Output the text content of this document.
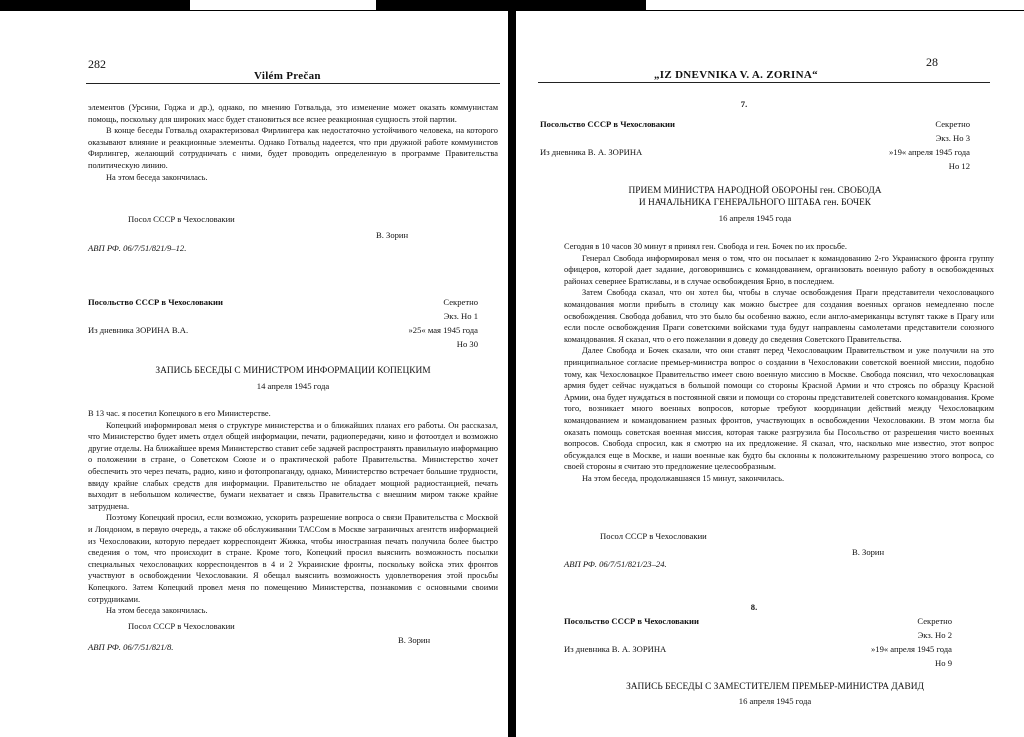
282
Vilém Prečan

элементов (Урсини, Годжа и др.), однако, по мнению Готвальда, это изменение может оказать коммунистам помощь, поскольку для широких масс будет становиться все яснее реакционная сущность этой партии.

В конце беседы Готвальд охарактеризовал Фирлингера как недостаточно устойчивого человека, на которого оказывают влияние и реакционные элементы. Однако Готвальд надеется, что при дружной работе коммунистов Фирлингер, желающий сотрудничать с ними, будет проводить определенную в программе Правительства политическую линию.

На этом беседа закончилась.

Посол СССР в Чехословакии
В. Зорин
АВП РФ. 06/7/51/821/9–12.
Посольство СССР в Чехословакии	Секретно
Экз. Но 1
Из дневника ЗОРИНА В.А.	»25« мая 1945 года
Но 30
ЗАПИСЬ БЕСЕДЫ С МИНИСТРОМ ИНФОРМАЦИИ КОПЕЦКИМ
14 апреля 1945 года

В 13 час. я посетил Копецкого в его Министерстве.

Копецкий информировал меня о структуре министерства и о ближайших планах его работы. Он рассказал, что Министерство будет иметь отдел общей информации, печати, радиопередачи, кино и фотоотдел и возможно другие отделы. На ближайшее время Министерство ставит себе задачей распространять правильную информацию о положении в стране, о Советском Союзе и о практической работе Правительства. Министерство хочет обеспечить это через печать, радио, кино и фотопропаганду, однако, Министерство встречает большие трудности, ввиду крайне слабых средств для информации. Правительство не обладает мощной радиостанцией, печать выходит в небольшом количестве, бумаги нехватает и связь Правительства с внешним миром также крайне затруднена.

Поэтому Копецкий просил, если возможно, ускорить разрешение вопроса о связи Правительства с Москвой и Лондоном, в первую очередь, а также об обслуживании ТАССом в Москве заграничных агентств информацией из Чехословакии, которую передает корреспондент Жижка, чтобы иностранная печать получила более быстро сведения о том, что происходит в стране. Кроме того, Копецкий просил выяснить возможность посылки специальных чехословацких корреспондентов в 4 и 2 Украинские фронты, поскольку войска этих фронтов участвуют в освобождении Чехословакии. Я обещал выяснить возможность удовлетворения этой просьбы Копецкого. Затем Копецкий провел меня по помещению Министерства, познакомив с основными своими сотрудниками.

На этом беседа закончилась.

Посол СССР в Чехословакии
В. Зорин
АВП РФ. 06/7/51/821/8.
28
„IZ DNEVNIKA V. A. ZORINA“
7.
Посольство СССР в Чехословакии	Секретно
Экз. Но 3
Из дневника В. А. ЗОРИНА	»19« апреля 1945 года
Но 12
ПРИЕМ МИНИСТРА НАРОДНОЙ ОБОРОНЫ ген. СВОБОДА
И НАЧАЛЬНИКА ГЕНЕРАЛЬНОГО ШТАБА ген. БОЧЕК
16 апреля 1945 года

Сегодня в 10 часов 30 минут я принял ген. Свобода и ген. Бочек по их просьбе.

Генерал Свобода информировал меня о том, что он посылает к командованию 2-го Украинского фронта группу офицеров, которой дает задание, договорившись с командованием, организовать военную работу в освобожденных районах севернее Братиславы, и в случае освобождения Брно, в последнем.

Затем Свобода сказал, что он хотел бы, чтобы в случае освобождения Праги представители чехословацкого командования могли прибыть в столицу как можно быстрее для создания военных органов немедленно после освобождения. Свобода добавил, что это было бы особенно важно, если англо-американцы вступят также в Прагу или если после освобождения Праги советскими войсками туда будут направлены самолетами представители союзного командования. Я сказал, что о его пожелании я доведу до сведения Советского Правительства.

Далее Свобода и Бочек сказали, что они ставят перед Чехословацким Правительством и уже получили на это принципиальное согласие премьер-министра вопрос о создании в Чехословакии советской военной миссии, подобно тому, как Чехословацкое Правительство имеет свою военную миссию в Москве. Свобода пояснил, что чехословацкая армия будет сейчас нуждаться в большой помощи со стороны Красной Армии и что строясь по образцу Красной Армии, она будет нуждаться в постоянной связи и помощи со стороны представителей советского командования. Кроме того, возникает много военных вопросов, которые требуют координации действий между Чехословацким командованием и командованием разных фронтов, участвующих в освобождении Чехословакии. В этом могла бы оказать помощь советская военная миссия, которая также разгрузила бы Посольство от разрешения чисто военных вопросов. Свобода спросил, как я смотрю на их предложение. Я сказал, что, насколько мне известно, этот вопрос обсуждался еще в Москве, и наши военные как будто бы склонны к положительному разрешению этого вопроса, со своей стороны я считаю это предложение целесообразным.

На этом беседа, продолжавшаяся 15 минут, закончилась.

Посол СССР в Чехословакии
В. Зорин
АВП РФ. 06/7/51/821/23–24.
8.
Посольство СССР в Чехословакии	Секретно
Экз. Но 2
Из дневника В. А. ЗОРИНА	»19« апреля 1945 года
Но 9
ЗАПИСЬ БЕСЕДЫ С ЗАМЕСТИТЕЛЕМ ПРЕМЬЕР-МИНИСТРА ДАВИД
16 апреля 1945 года
